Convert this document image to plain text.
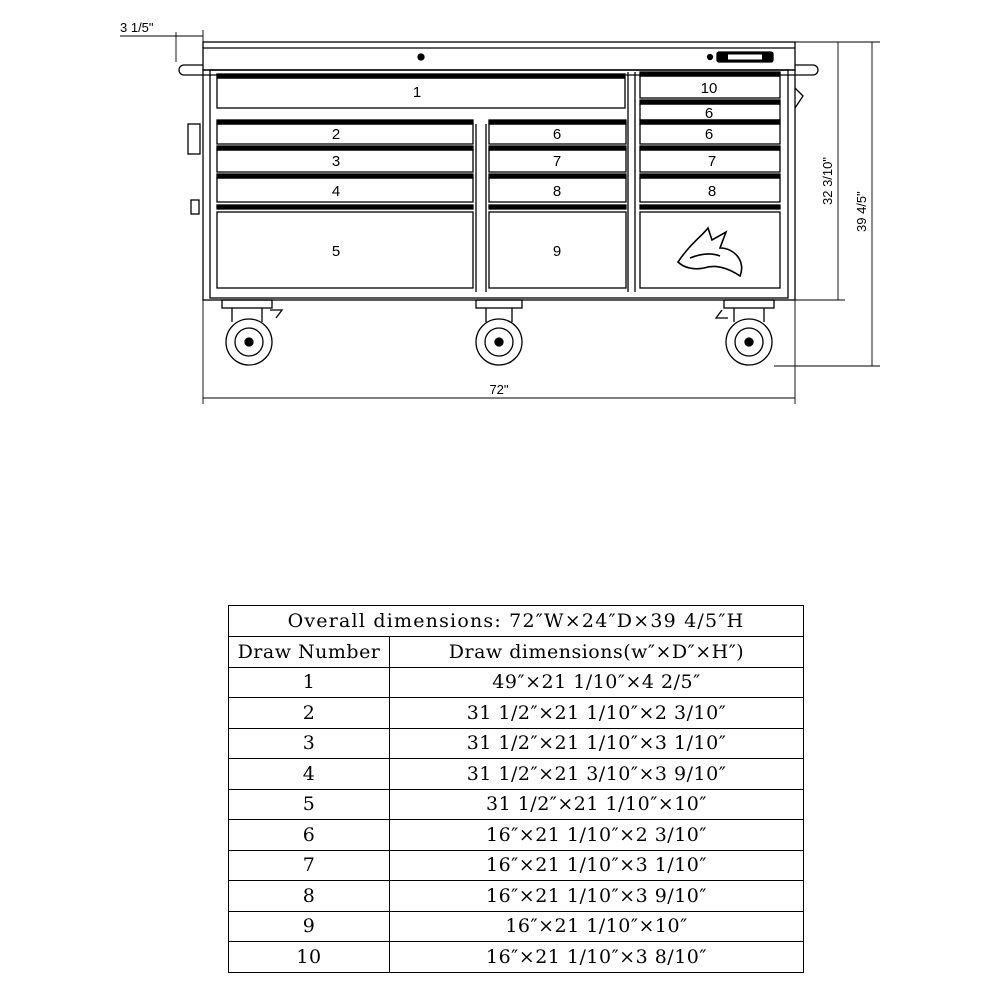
1
2
3
4
5
6
7
8
9
10
6
6
7
8
3 1/5"
32 3/10"
39 4/5"
72"
Overall dimensions: 72″W×24″D×39 4/5″H	
Draw Number	Draw dimensions(w″×D″×H″)
1	49″×21 1/10″×4 2/5″
2	31 1/2″×21 1/10″×2 3/10″
3	31 1/2″×21 1/10″×3 1/10″
4	31 1/2″×21 3/10″×3 9/10″
5	31 1/2″×21 1/10″×10″
6	16″×21 1/10″×2 3/10″
7	16″×21 1/10″×3 1/10″
8	16″×21 1/10″×3 9/10″
9	16″×21 1/10″×10″
10	16″×21 1/10″×3 8/10″
